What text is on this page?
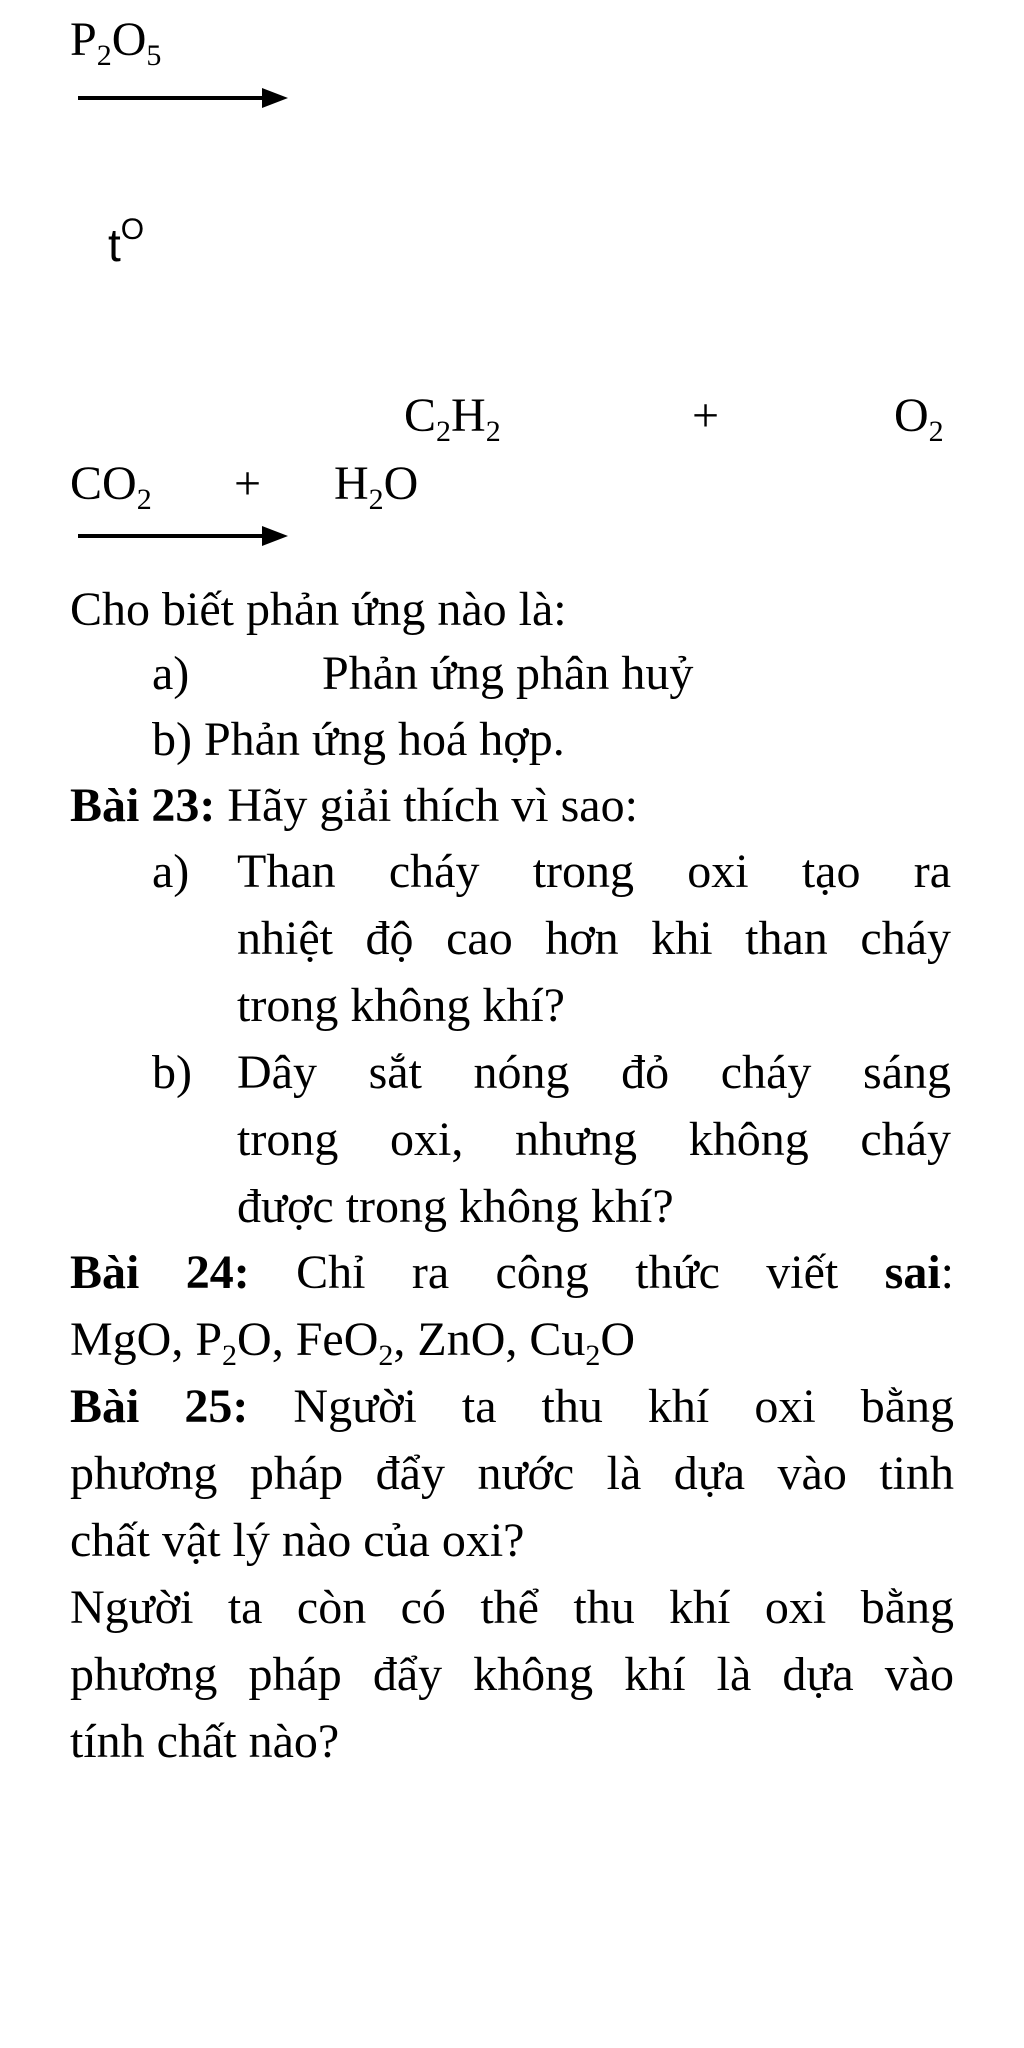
$P_2O_5$
$t^O$
$C_2H_2$	+	$O_2$
$CO_2 + H_2O$
Cho biết phản ứng nào là:
a)	Phản ứng phân huỷ
b) Phản ứng hoá hợp.
Bài 23: Hãy giải thích vì sao:
a) Than cháy trong oxi tạo ra
nhiệt độ cao hơn khi than cháy
trong không khí?
b) Dây sắt nóng đỏ cháy sáng
trong oxi, nhưng không cháy
được trong không khí?
Bài 24: Chỉ ra công thức viết sai:
MgO, $P_2O$, FeO$_2$, ZnO, $Cu_2O$
Bài 25: Người ta thu khí oxi bằng
phương pháp đẩy nước là dựa vào tinh
chất vật lý nào của oxi?
Người ta còn có thể thu khí oxi bằng
phương pháp đẩy không khí là dựa vào
tính chất nào?
